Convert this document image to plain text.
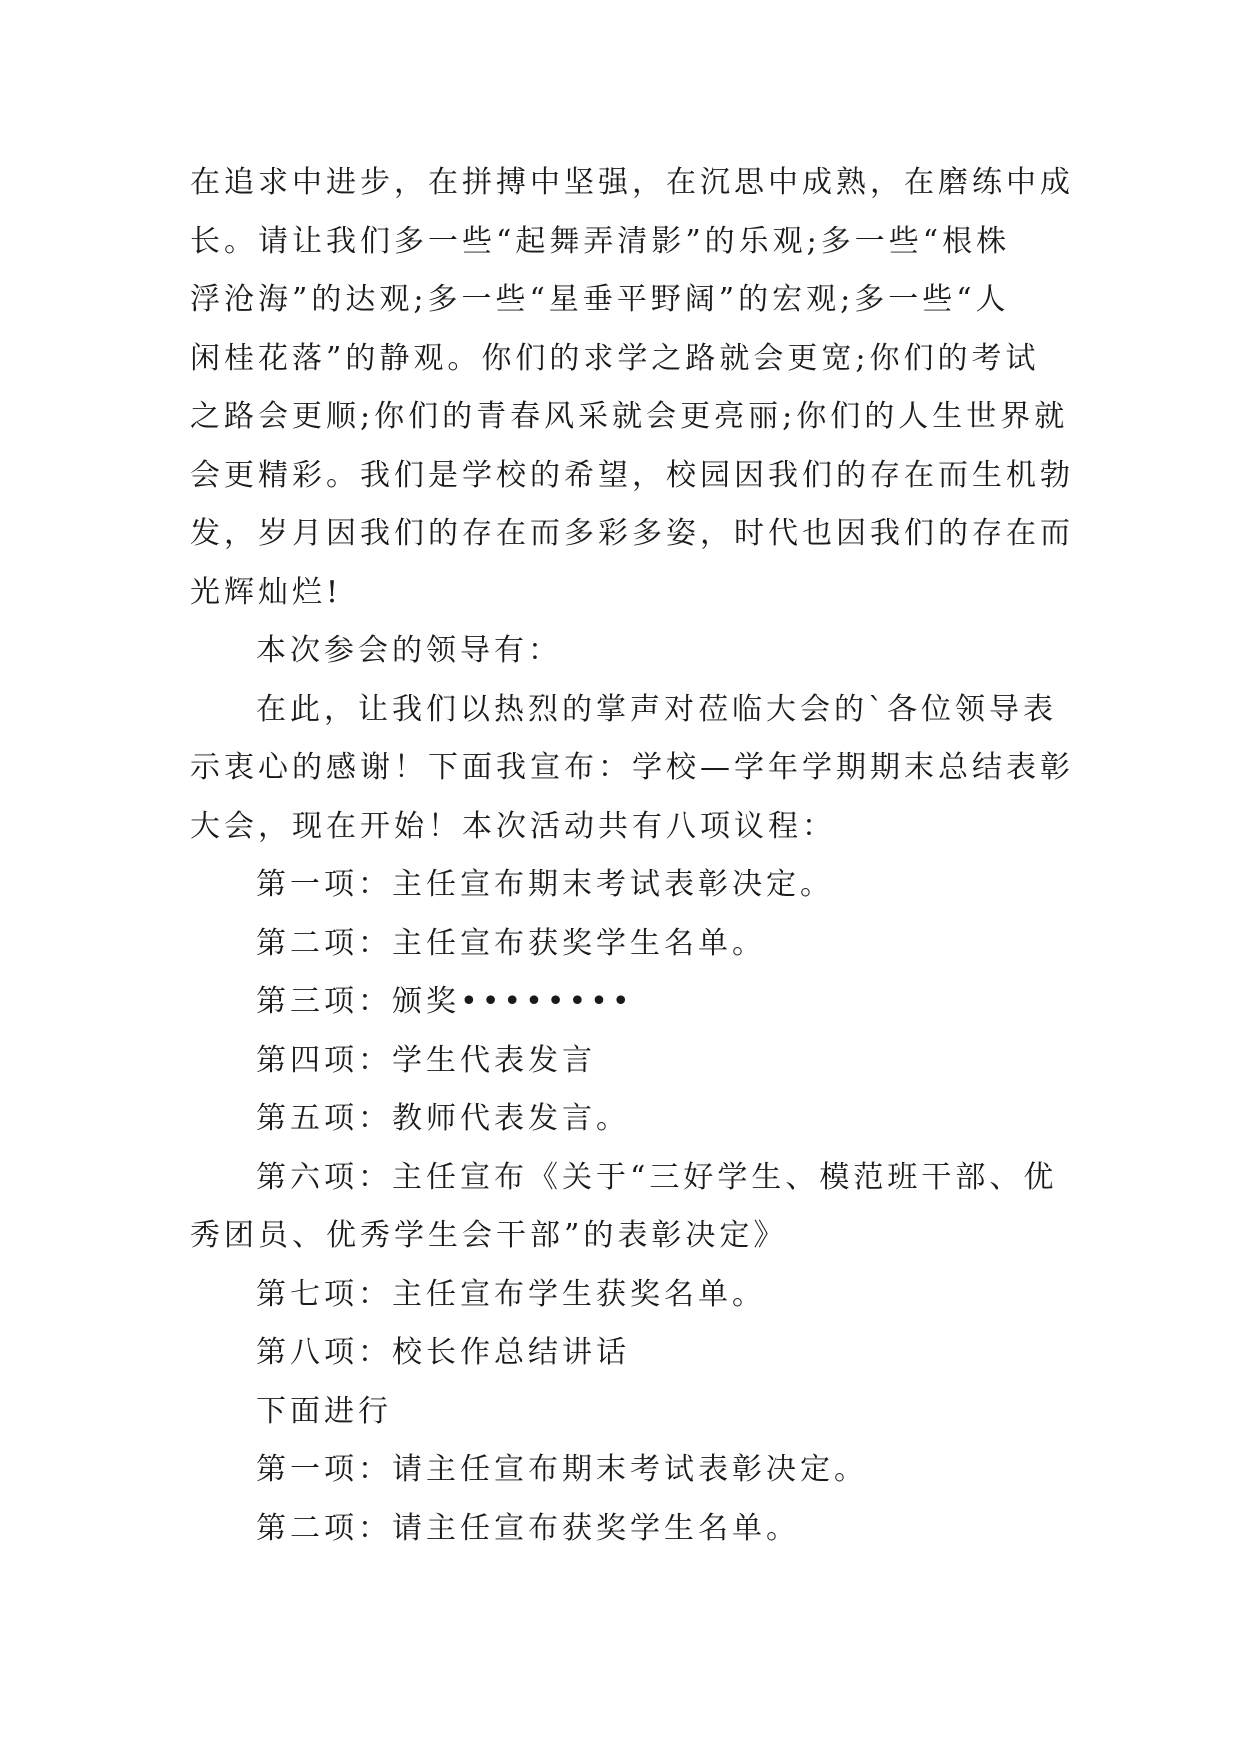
在追求中进步，在拼搏中坚强，在沉思中成熟，在磨练中成
长。请让我们多一些“起舞弄清影”的乐观;多一些“根株
浮沧海”的达观;多一些“星垂平野阔”的宏观;多一些“人
闲桂花落”的静观。你们的求学之路就会更宽;你们的考试
之路会更顺;你们的青春风采就会更亮丽;你们的人生世界就
会更精彩。我们是学校的希望，校园因我们的存在而生机勃
发，岁月因我们的存在而多彩多姿，时代也因我们的存在而
光辉灿烂!
本次参会的领导有：
在此，让我们以热烈的掌声对莅临大会的`各位领导表
示衷心的感谢！下面我宣布：学校—学年学期期末总结表彰
大会，现在开始！本次活动共有八项议程：
第一项：主任宣布期末考试表彰决定。
第二项：主任宣布获奖学生名单。
第三项：颁奖••••••••
第四项：学生代表发言
第五项：教师代表发言。
第六项：主任宣布《关于“三好学生、模范班干部、优
秀团员、优秀学生会干部”的表彰决定》
第七项：主任宣布学生获奖名单。
第八项：校长作总结讲话
下面进行
第一项：请主任宣布期末考试表彰决定。
第二项：请主任宣布获奖学生名单。
